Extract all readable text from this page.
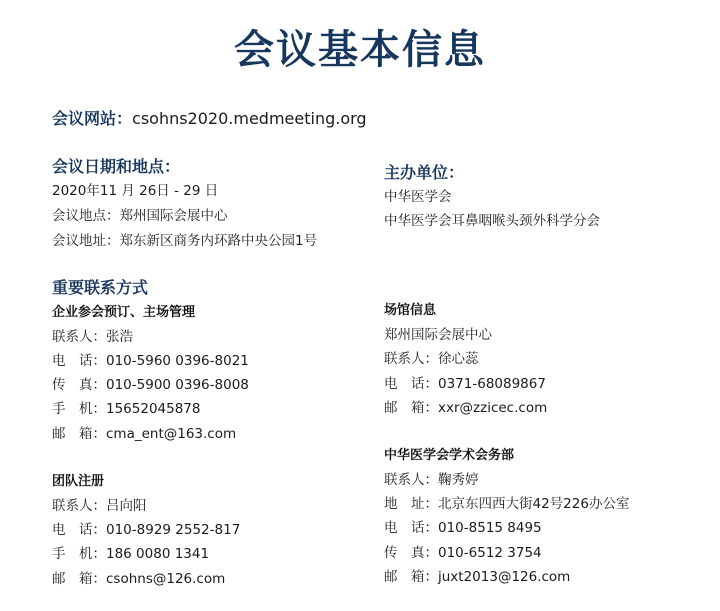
会议基本信息
会议网站：csohns2020.medmeeting.org
会议日期和地点：
2020年11 月 26日 - 29 日
会议地点：郑州国际会展中心
会议地址：郑东新区商务内环路中央公园1号
主办单位：
中华医学会
中华医学会耳鼻咽喉头颈外科学分会
重要联系方式
企业参会预订、主场管理
联系人：张浩
电　话：010-5960 0396-8021
传　真：010-5900 0396-8008
手　机：15652045878
邮　箱：cma_ent@163.com
团队注册
联系人：吕向阳
电　话：010-8929 2552-817
手　机：186 0080 1341
邮　箱：csohns@126.com
场馆信息
郑州国际会展中心
联系人：徐心蕊
电　话：0371-68089867
邮　箱：xxr@zzicec.com
中华医学会学术会务部
联系人：鞠秀婷
地　址：北京东四西大街42号226办公室
电　话：010-8515 8495
传　真：010-6512 3754
邮　箱：juxt2013@126.com
